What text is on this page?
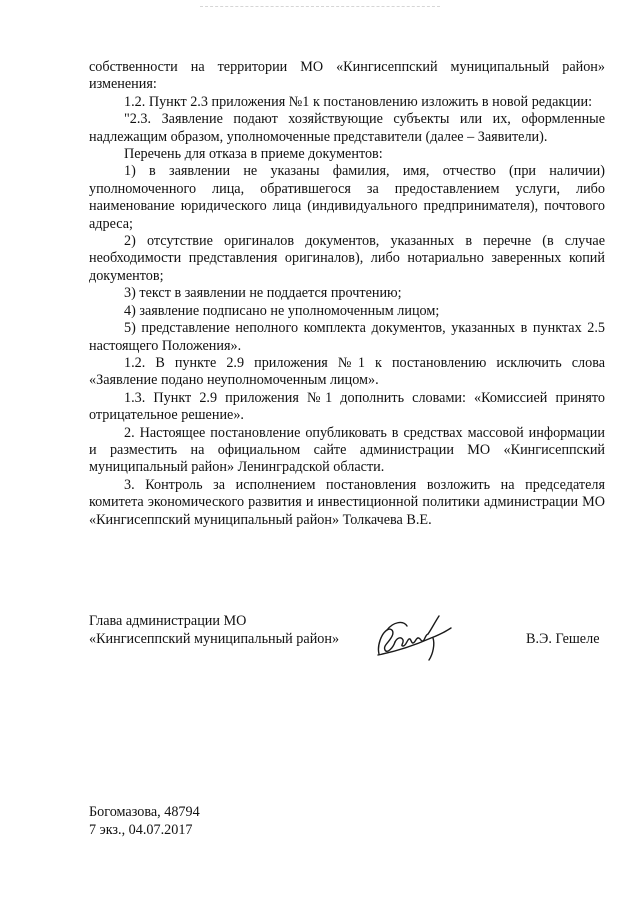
собственности на территории МО «Кингисеппский муниципальный район» изменения:

1.2. Пункт 2.3 приложения №1 к постановлению изложить в новой редакции:

"2.3. Заявление подают хозяйствующие субъекты или их, оформленные надлежащим образом, уполномоченные представители (далее – Заявители).

Перечень для отказа в приеме документов:

1) в заявлении не указаны фамилия, имя, отчество (при наличии) уполномоченного лица, обратившегося за предоставлением услуги, либо наименование юридического лица (индивидуального предпринимателя), почтового адреса;

2) отсутствие оригиналов документов, указанных в перечне (в случае необходимости представления оригиналов), либо нотариально заверенных копий документов;

3) текст в заявлении не поддается прочтению;

4) заявление подписано не уполномоченным лицом;

5) представление неполного комплекта документов, указанных в пунктах 2.5 настоящего Положения».

1.2. В пункте 2.9 приложения №1 к постановлению исключить слова «Заявление подано неуполномоченным лицом».

1.3. Пункт 2.9 приложения №1 дополнить словами: «Комиссией принято отрицательное решение».

2. Настоящее постановление опубликовать в средствах массовой информации и разместить на официальном сайте администрации МО «Кингисеппский муниципальный район» Ленинградской области.

3. Контроль за исполнением постановления возложить на председателя комитета экономического развития и инвестиционной политики администрации МО «Кингисеппский муниципальный район» Толкачева В.Е.

Глава администрации МО

«Кингисеппский муниципальный район»	В.Э. Гешеле

Богомазова, 48794

7 экз., 04.07.2017
